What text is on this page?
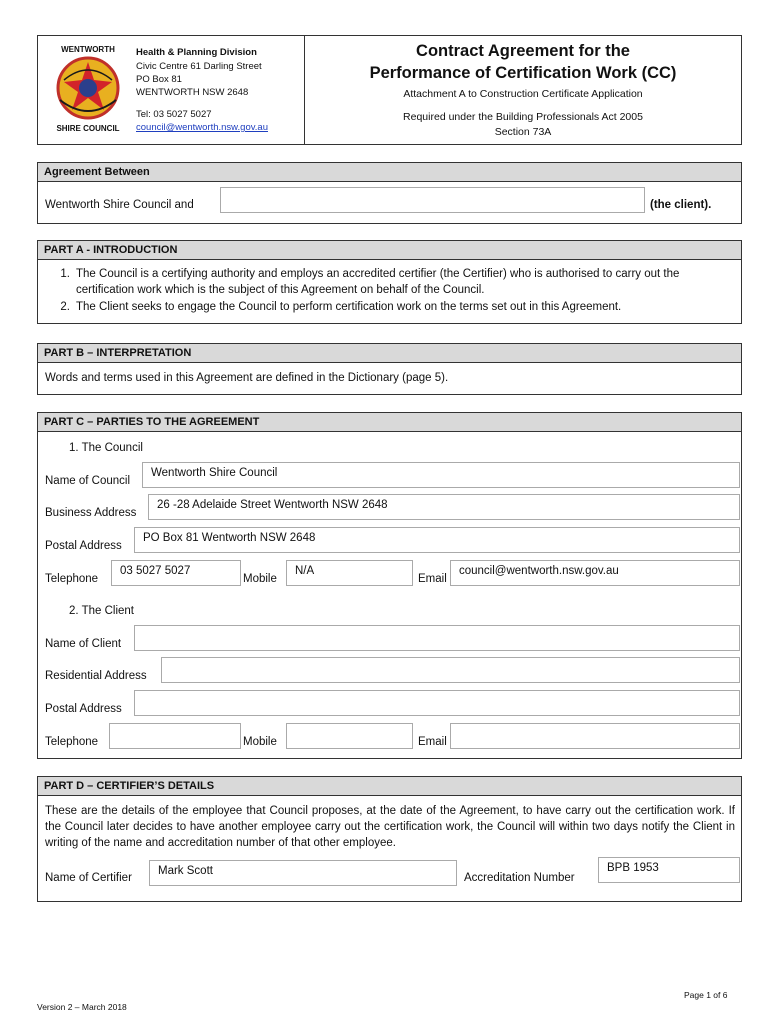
WENTWORTH
SHIRE COUNCIL
Health & Planning Division
Civic Centre 61 Darling Street
PO Box 81
WENTWORTH NSW 2648
Tel: 03 5027 5027
council@wentworth.nsw.gov.au
Contract Agreement for the
Performance of Certification Work (CC)
Attachment A to Construction Certificate Application
Required under the Building Professionals Act 2005
Section 73A
Agreement Between
Wentworth Shire Council and	(the client).
PART A - INTRODUCTION
1. The Council is a certifying authority and employs an accredited certifier (the Certifier) who is authorised to carry out the certification work which is the subject of this Agreement on behalf of the Council.
2. The Client seeks to engage the Council to perform certification work on the terms set out in this Agreement.
PART B – INTERPRETATION
Words and terms used in this Agreement are defined in the Dictionary (page 5).
PART C – PARTIES TO THE AGREEMENT
1. The Council
Name of Council
Wentworth Shire Council
Business Address
26 -28 Adelaide Street Wentworth NSW 2648
Postal Address
PO Box 81 Wentworth NSW 2648
Telephone
03 5027 5027
Mobile
N/A
Email
council@wentworth.nsw.gov.au
2. The Client
Name of Client
Residential Address
Postal Address
Telephone	Mobile	Email
PART D – CERTIFIER’S DETAILS
These are the details of the employee that Council proposes, at the date of the Agreement, to have carry out the certification work. If the Council later decides to have another employee carry out the certification work, the Council will within two days notify the Client in writing of the name and accreditation number of that other employee.
Name of Certifier
Mark Scott
Accreditation Number
BPB 1953
Version 2 – March 2018
Page 1 of 6
